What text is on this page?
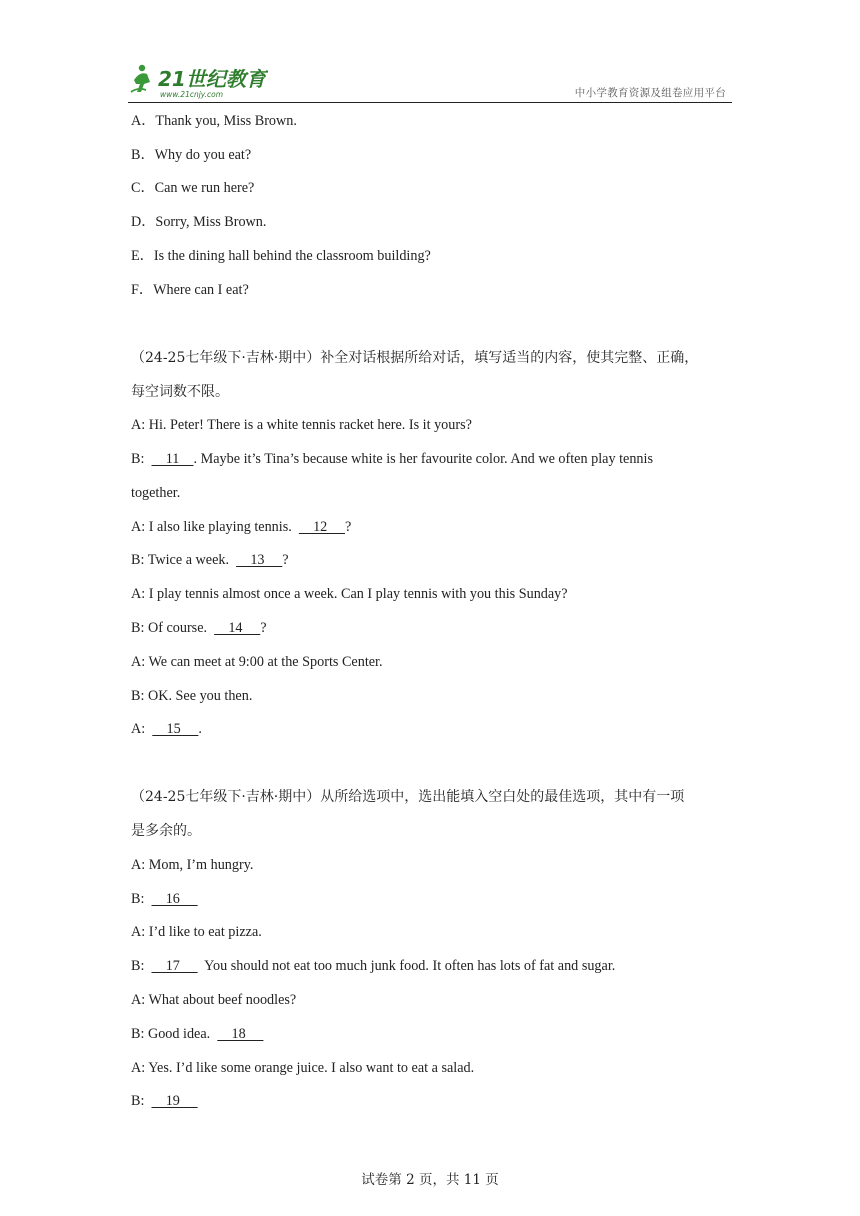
21世纪教育
www.21cnjy.com	中小学教育资源及组卷应用平台
A．Thank you, Miss Brown.
B．Why do you eat?
C．Can we run here?
D．Sorry, Miss Brown.
E．Is the dining hall behind the classroom building?
F．Where can I eat?
（24-25七年级下·吉林·期中）补全对话根据所给对话，填写适当的内容，使其完整、正确，
每空词数不限。
A: Hi. Peter! There is a white tennis racket here. Is it yours?
B:      11    . Maybe it’s Tina’s because white is her favourite color. And we often play tennis
together.
A: I also like playing tennis.      12     ?
B: Twice a week.      13     ?
A: I play tennis almost once a week. Can I play tennis with you this Sunday?
B: Of course.      14     ?
A: We can meet at 9:00 at the Sports Center.
B: OK. See you then.
A:      15     .
（24-25七年级下·吉林·期中）从所给选项中，选出能填入空白处的最佳选项，其中有一项
是多余的。
A: Mom, I’m hungry.
B:      16
A: I’d like to eat pizza.
B:      17       You should not eat too much junk food. It often has lots of fat and sugar.
A: What about beef noodles?
B: Good idea.      18
A: Yes. I’d like some orange juice. I also want to eat a salad.
B:      19
试卷第 2 页，共 11 页
